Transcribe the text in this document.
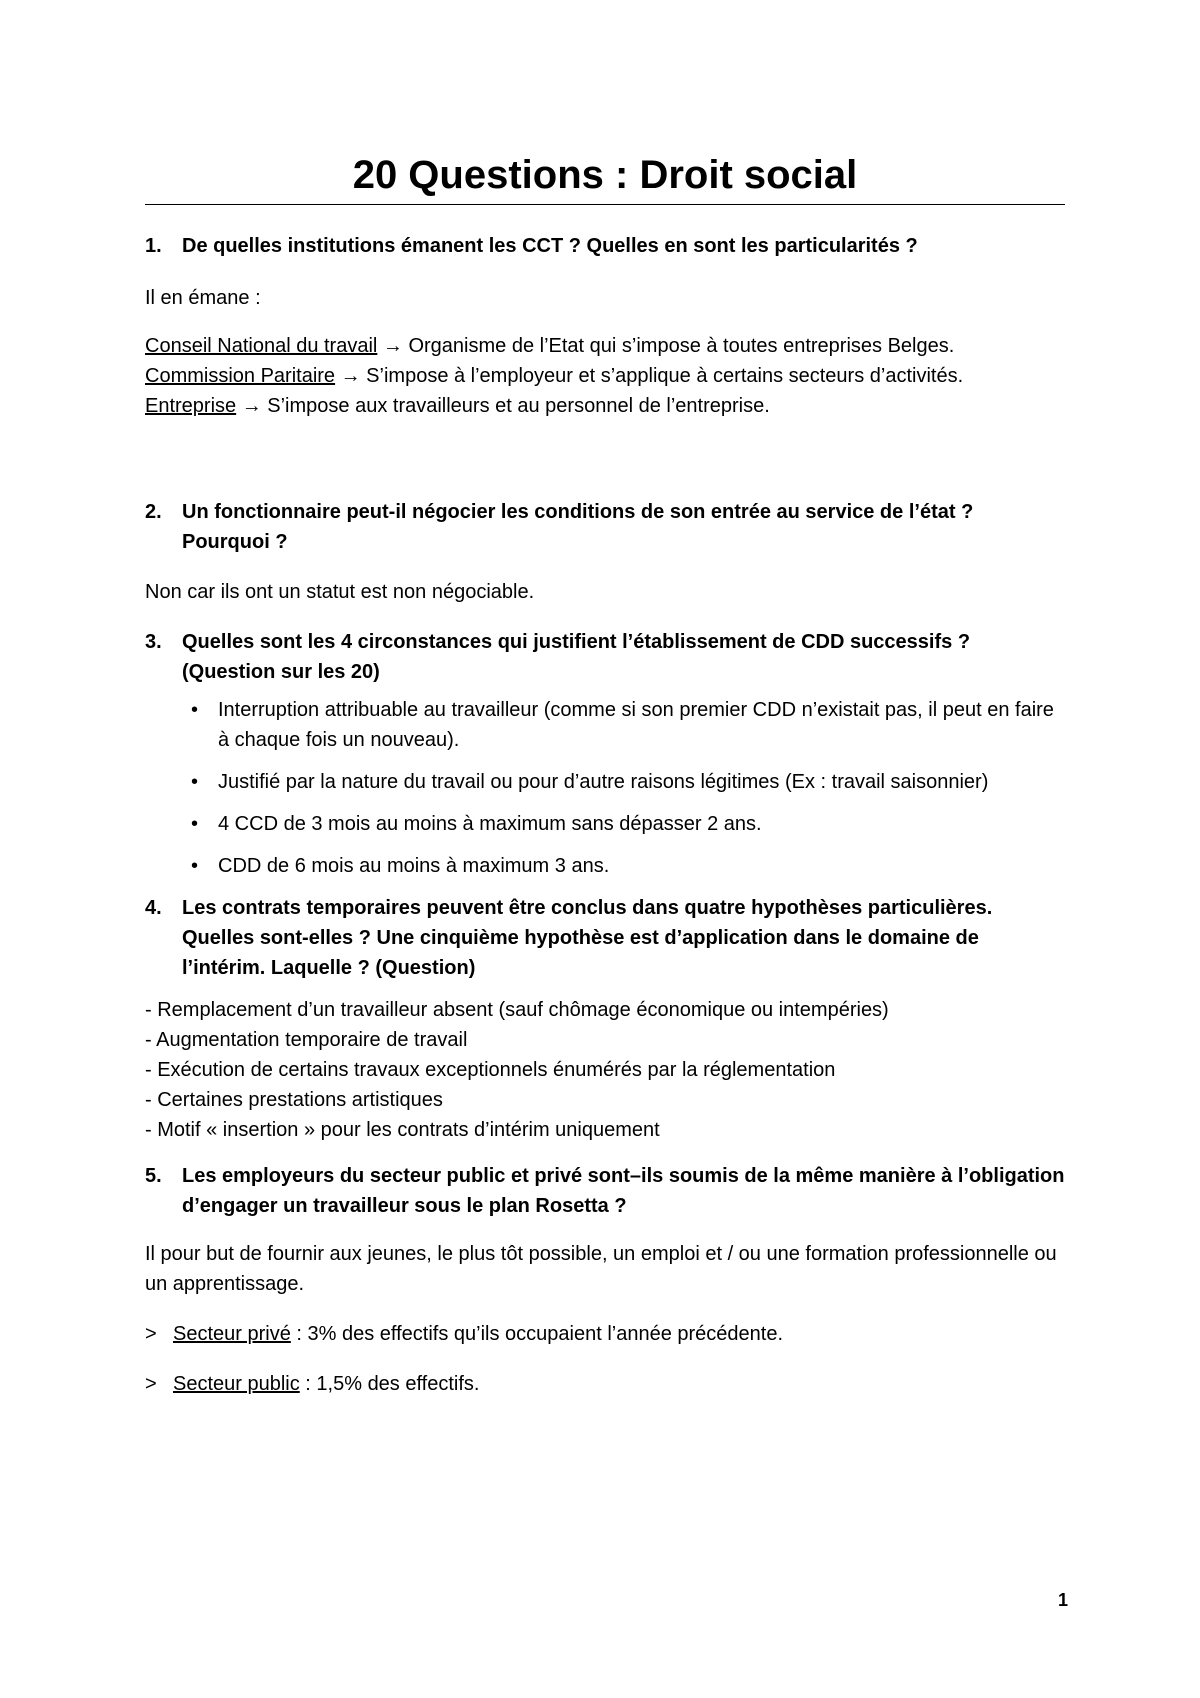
20 Questions : Droit social
1.	De quelles institutions émanent les CCT ? Quelles en sont les particularités ?

Il en émane :

Conseil National du travail → Organisme de l’Etat qui s’impose à toutes entreprises Belges.

Commission Paritaire → S’impose à l’employeur et s’applique à certains secteurs d’activités.

Entreprise → S’impose aux travailleurs et au personnel de l’entreprise.

2.	Un fonctionnaire peut-il négocier les conditions de son entrée au service de l’état ? Pourquoi ?

Non car ils ont un statut est non négociable.

3.	Quelles sont les 4 circonstances qui justifient l’établissement de CDD successifs ? (Question sur les 20)
•	Interruption attribuable au travailleur (comme si son premier CDD n’existait pas, il peut en faire à chaque fois un nouveau).
•	Justifié par la nature du travail ou pour d’autre raisons légitimes (Ex : travail saisonnier)
•	4 CCD de 3 mois au moins à maximum sans dépasser 2 ans.
•	CDD de 6 mois au moins à maximum 3 ans.
4.	Les contrats temporaires peuvent être conclus dans quatre hypothèses particulières. Quelles sont-elles ? Une cinquième hypothèse est d’application dans le domaine de l’intérim. Laquelle ? (Question)
- Remplacement d’un travailleur absent (sauf chômage économique ou intempéries)
- Augmentation temporaire de travail
- Exécution de certains travaux exceptionnels énumérés par la réglementation
- Certaines prestations artistiques
- Motif « insertion » pour les contrats d’intérim uniquement
5.	Les employeurs du secteur public et privé sont–ils soumis de la même manière à l’obligation d’engager un travailleur sous le plan Rosetta ?

Il pour but de fournir aux jeunes, le plus tôt possible, un emploi et / ou une formation professionnelle ou un apprentissage.

> Secteur privé : 3% des effectifs qu’ils occupaient l’année précédente.
> Secteur public : 1,5% des effectifs.
1
